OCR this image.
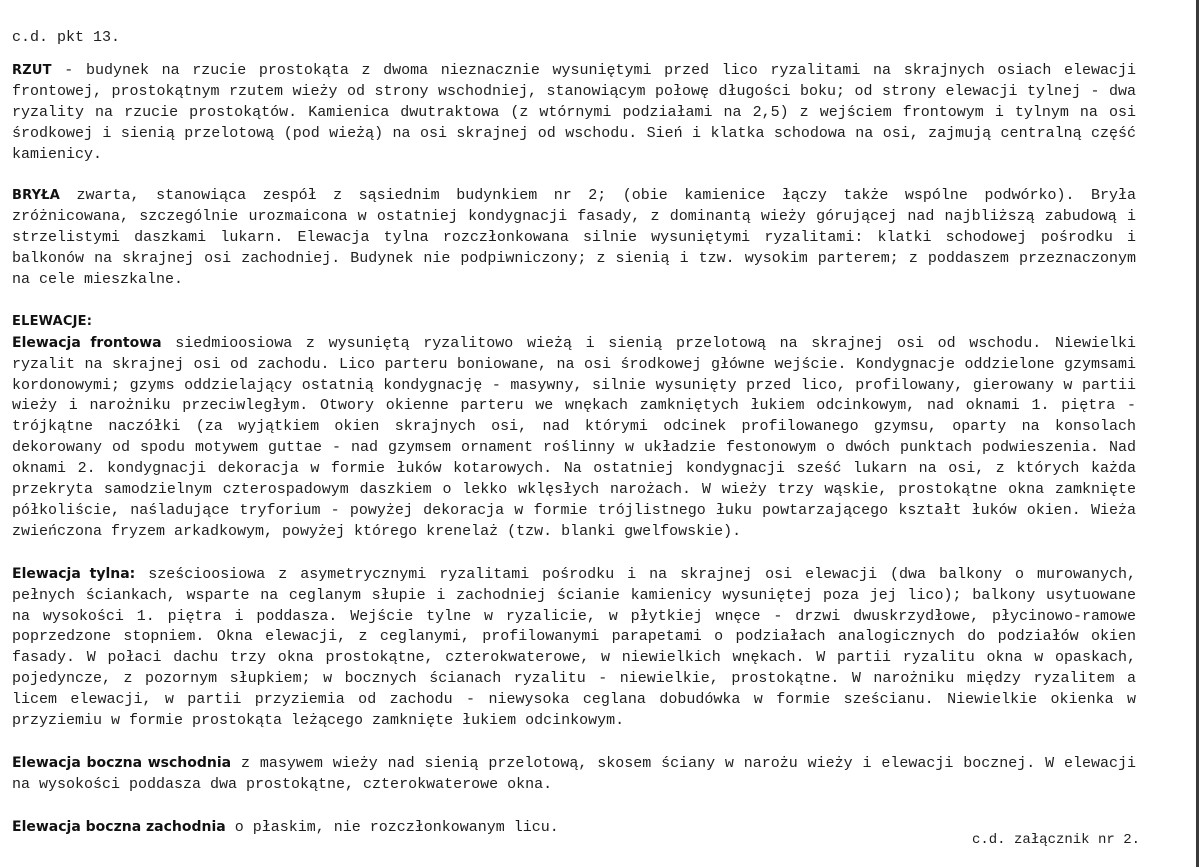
c.d. pkt 13.

RZUT - budynek na rzucie prostokąta z dwoma nieznacznie wysuniętymi przed lico ryzalitami na skrajnych osiach elewacji frontowej, prostokątnym rzutem wieży od strony wschodniej, stanowiącym połowę długości boku; od strony elewacji tylnej - dwa ryzality na rzucie prostokątów. Kamienica dwutraktowa (z wtórnymi podziałami na 2,5) z wejściem frontowym i tylnym na osi środkowej i sienią przelotową (pod wieżą) na osi skrajnej od wschodu. Sień i klatka schodowa na osi, zajmują centralną część kamienicy.

BRYŁA zwarta, stanowiąca zespół z sąsiednim budynkiem nr 2; (obie kamienice łączy także wspólne podwórko). Bryła zróżnicowana, szczególnie urozmaicona w ostatniej kondygnacji fasady, z dominantą wieży górującej nad najbliższą zabudową i strzelistymi daszkami lukarn. Elewacja tylna rozczłonkowana silnie wysuniętymi ryzalitami: klatki schodowej pośrodku i balkonów na skrajnej osi zachodniej. Budynek nie podpiwniczony; z sienią i tzw. wysokim parterem; z poddaszem przeznaczonym na cele mieszkalne.

ELEWACJE:

Elewacja frontowa siedmioosiowa z wysuniętą ryzalitowo wieżą i sienią przelotową na skrajnej osi od wschodu. Niewielki ryzalit na skrajnej osi od zachodu. Lico parteru boniowane, na osi środkowej główne wejście. Kondygnacje oddzielone gzymsami kordonowymi; gzyms oddzielający ostatnią kondygnację - masywny, silnie wysunięty przed lico, profilowany, gierowany w partii wieży i narożniku przeciwległym. Otwory okienne parteru we wnękach zamkniętych łukiem odcinkowym, nad oknami 1. piętra - trójkątne naczółki (za wyjątkiem okien skrajnych osi, nad którymi odcinek profilowanego gzymsu, oparty na konsolach dekorowany od spodu motywem guttae - nad gzymsem ornament roślinny w układzie festonowym o dwóch punktach podwieszenia. Nad oknami 2. kondygnacji dekoracja w formie łuków kotarowych. Na ostatniej kondygnacji sześć lukarn na osi, z których każda przekryta samodzielnym czterospadowym daszkiem o lekko wklęsłych narożach. W wieży trzy wąskie, prostokątne okna zamknięte półkoliście, naśladujące tryforium - powyżej dekoracja w formie trójlistnego łuku powtarzającego kształt łuków okien. Wieża zwieńczona fryzem arkadkowym, powyżej którego krenelaż (tzw. blanki gwelfowskie).

Elewacja tylna: sześcioosiowa z asymetrycznymi ryzalitami pośrodku i na skrajnej osi elewacji (dwa balkony o murowanych, pełnych ściankach, wsparte na ceglanym słupie i zachodniej ścianie kamienicy wysuniętej poza jej lico); balkony usytuowane na wysokości 1. piętra i poddasza. Wejście tylne w ryzalicie, w płytkiej wnęce - drzwi dwuskrzydłowe, płycinowo-ramowe poprzedzone stopniem. Okna elewacji, z ceglanymi, profilowanymi parapetami o podziałach analogicznych do podziałów okien fasady. W połaci dachu trzy okna prostokątne, czterokwaterowe, w niewielkich wnękach. W partii ryzalitu okna w opaskach, pojedyncze, z pozornym słupkiem; w bocznych ścianach ryzalitu - niewielkie, prostokątne. W narożniku między ryzalitem a licem elewacji, w partii przyziemia od zachodu - niewysoka ceglana dobudówka w formie sześcianu. Niewielkie okienka w przyziemiu w formie prostokąta leżącego zamknięte łukiem odcinkowym.

Elewacja boczna wschodnia z masywem wieży nad sienią przelotową, skosem ściany w narożu wieży i elewacji bocznej. W elewacji na wysokości poddasza dwa prostokątne, czterokwaterowe okna.

Elewacja boczna zachodnia o płaskim, nie rozczłonkowanym licu.

c.d. załącznik nr 2.
